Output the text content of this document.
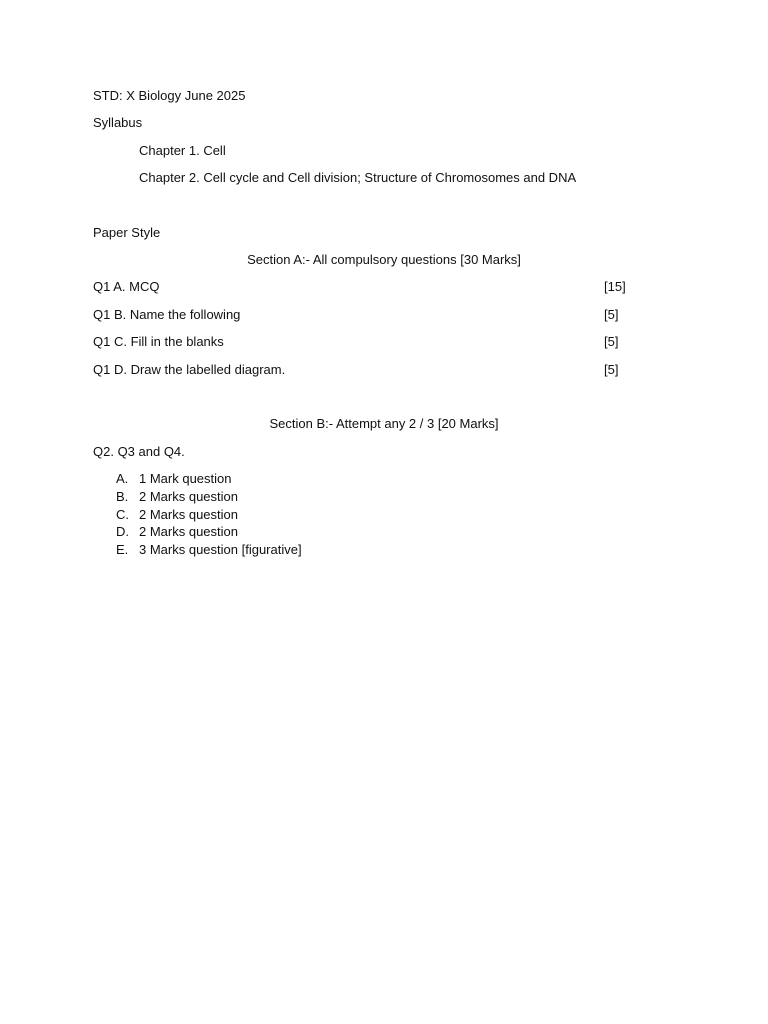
STD: X Biology June 2025
Syllabus
Chapter 1. Cell
Chapter 2. Cell cycle and Cell division; Structure of Chromosomes and DNA
Paper Style
Section A:- All compulsory questions [30 Marks]
Q1 A. MCQ	[15]
Q1 B. Name the following	[5]
Q1 C. Fill in the blanks	[5]
Q1 D. Draw the labelled diagram.	[5]
Section B:- Attempt any 2 / 3 [20 Marks]
Q2. Q3 and Q4.
A. 1 Mark question
B. 2 Marks question
C. 2 Marks question
D. 2 Marks question
E. 3 Marks question [figurative]
